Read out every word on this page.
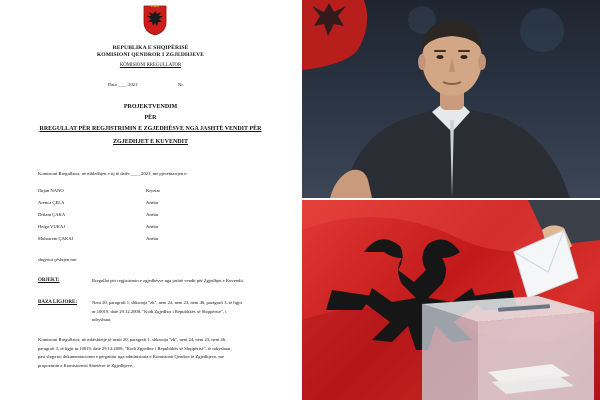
REPUBLIKA E SHQIPËRISË
KOMISIONI QENDROR I ZGJEDHJEVE
KOMISIONI RREGULLATOR
Data ____.2021	Nr.
PROJEKTVENDIM
PËR
RREGULLAT PËR REGJISTRIMIN E ZGJEDHËSVE NGA JASHTË VENDIT PËR
ZGJEDHJET E KUVENDIT
Komisioni Rregullator, në mbledhjen e tij të datës ____.2021, me pjesëmarrjen e:
Ilirjan NANO	Kryetar
Arenca ÇELA	Anëtar
Drilam ÇAKA	Anëtar
Helga VUKAJ	Anëtar
Muharrem ÇAKAJ	Anëtar
shqyrtoi çështjen me:
OBJEKT:	Rregullat për regjistrimin e zgjedhësve nga jashtë vendit për Zgjedhjet e Kuvendit.
BAZA LIGJORE:	Neni 20, paragrafi 1, shkronja "zh", neni 24, neni 23, neni 46, paragrafi 3, të ligjit
nr.10019, datë 29.12.2008, "Kodi Zgjedhor i Republikës së Shqipërisë", i
ndryshuar.
Komisioni Rregullator, në mbështetje të nenit 20, paragrafi 1, shkronja "zh", neni 24, neni 23, neni 46,
paragrafi 3, të ligjit nr.10019, datë 29.12.2008, "Kodi Zgjedhor i Republikës së Shqipërisë", të ndryshuar,
pasi shqyrtoi dokumentacionin e përgatitur nga administrata e Komisionit Qendror të Zgjedhjeve, me
propozimin e Komisionerit Shtetëror të Zgjedhjeve,
